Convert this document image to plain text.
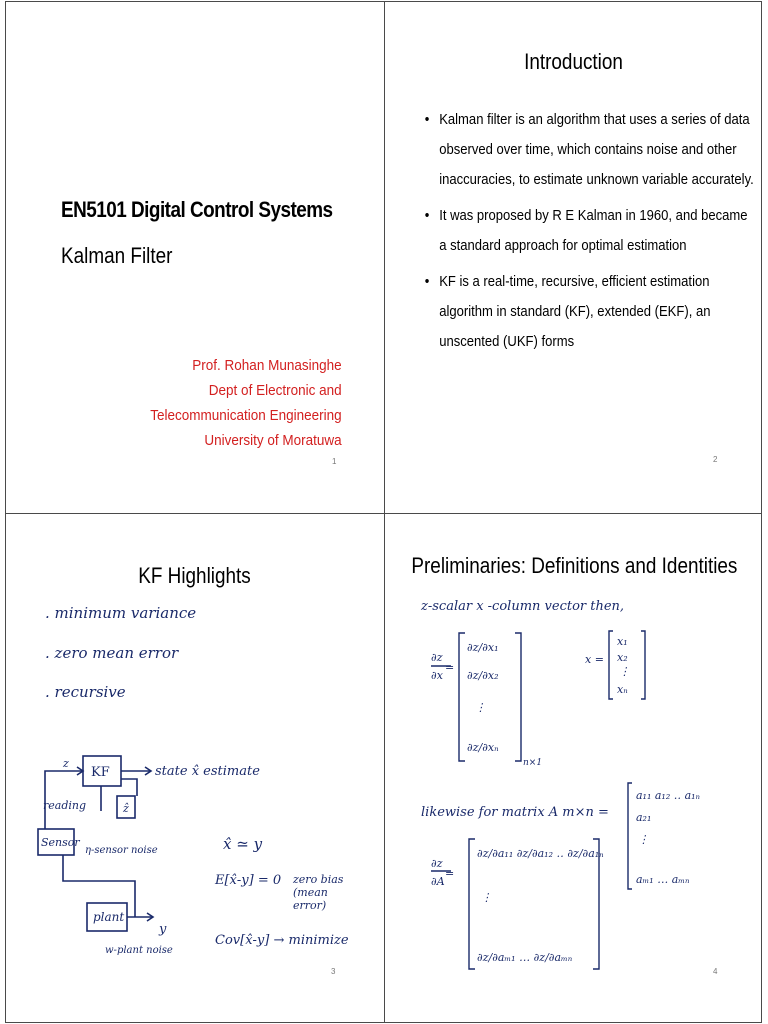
EN5101 Digital Control Systems
Kalman Filter
Prof. Rohan Munasinghe
Dept of Electronic and
Telecommunication Engineering
University of Moratuwa
1
Introduction
• Kalman filter is an algorithm that uses a series of data observed over time, which contains noise and other inaccuracies, to estimate unknown variable accurately.
• It was proposed by R E Kalman in 1960, and became a standard approach for optimal estimation
• KF is a real-time, recursive, efficient estimation algorithm in standard (KF), extended (EKF), an unscented (UKF) forms
2
KF Highlights
. minimum variance
. zero mean error
. recursive
KF
Sensor
plant
ẑ
state x̂ estimate
reading
z
η-sensor noise
w-plant noise
y
x̂ ≃ y
E[x̂-y] = 0 zero bias (mean error)
Cov[x̂-y] → minimize
3
Preliminaries: Definitions and Identities
z-scalar x -column vector then,
∂z
∂x
=
∂z/∂x₁
∂z/∂x₂
⋮
∂z/∂xₙ
n×1
x =
x₁
x₂
⋮
xₙ
a₁₁ a₁₂ ‥ a₁ₙ
a₂₁
⋮
aₘ₁ … aₘₙ
∂z
∂A
=
∂z/∂a₁₁ ∂z/∂a₁₂ ‥ ∂z/∂a₁ₙ
⋮
∂z/∂aₘ₁ … ∂z/∂aₘₙ
likewise for matrix A m×n =
4
